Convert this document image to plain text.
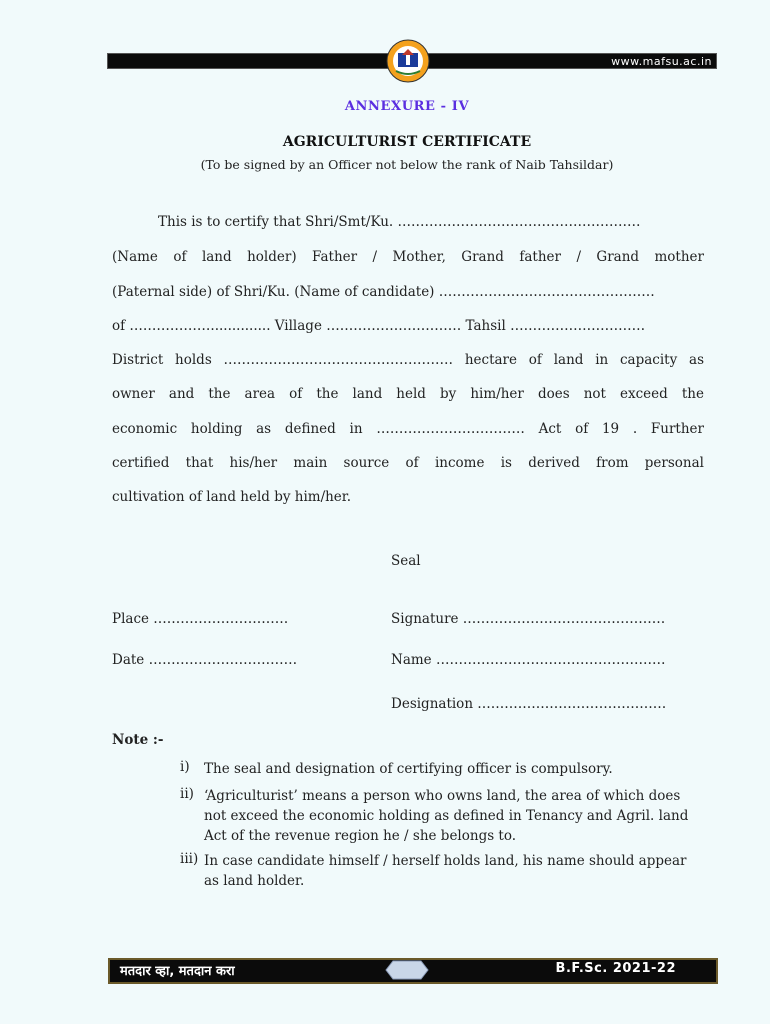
www.mafsu.ac.in
ANNEXURE - IV
AGRICULTURIST CERTIFICATE
(To be signed by an Officer not below the rank of Naib Tahsildar)
This is to certify that Shri/Smt/Ku. ………………………………………………
(Name of land holder) Father / Mother, Grand father / Grand mother
(Paternal side) of Shri/Ku. (Name of candidate) …………………………………………
of ……………….............. Village ………………………… Tahsil …………………………
District holds …………………………………………… hectare of land in capacity as
owner and the area of the land held by him/her does not exceed the
economic holding as defined in …………………………… Act of 19 . Further
certified that his/her main source of income is derived from personal
cultivation of land held by him/her.
Seal
Place …………………………	Signature ………………………………………
Date ……………………………	Name ……………………………………………
Designation ……………………………………
Note :-
i) The seal and designation of certifying officer is compulsory.
ii) ‘Agriculturist’ means a person who owns land, the area of which does not exceed the economic holding as defined in Tenancy and Agril. land Act of the revenue region he / she belongs to.
iii) In case candidate himself / herself holds land, his name should appear as land holder.
मतदार व्हा, मतदान करा	B.F.Sc. 2021-22
